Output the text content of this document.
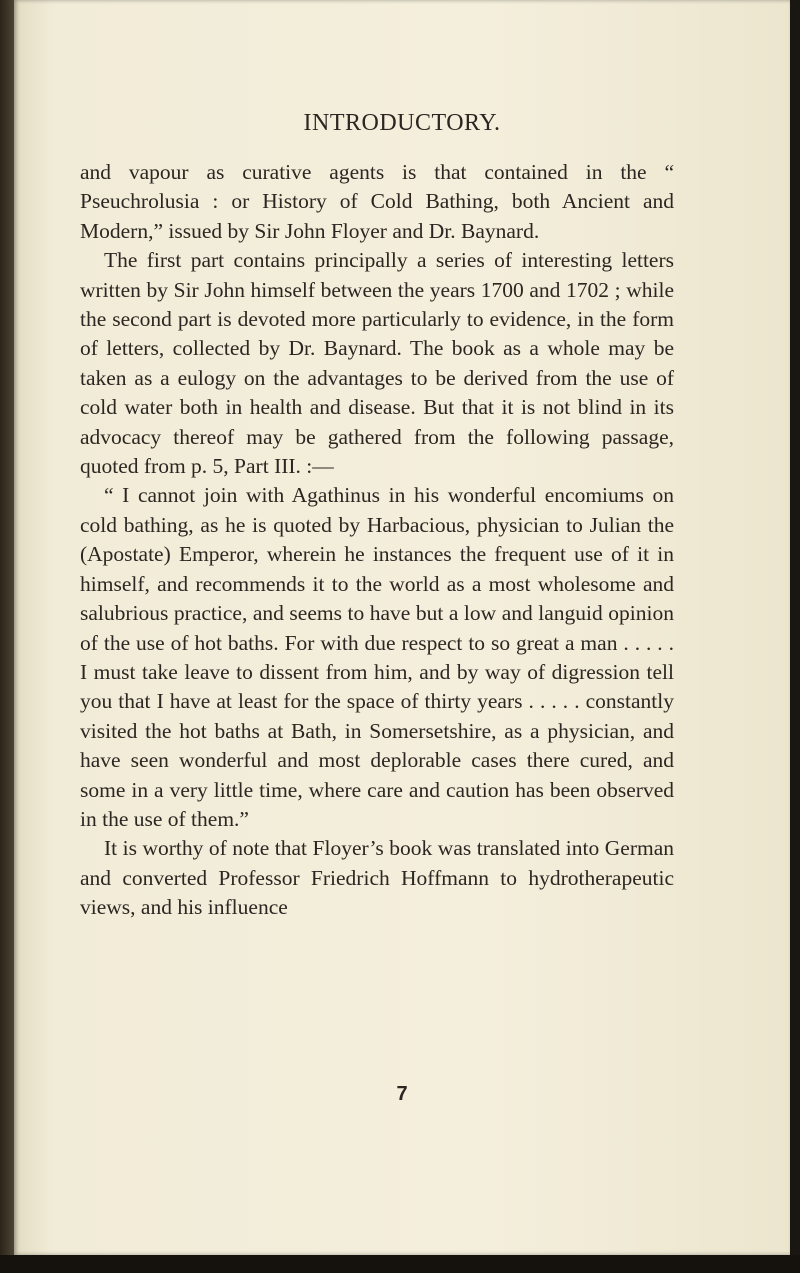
INTRODUCTORY.

and vapour as curative agents is that contained in the “ Pseuchrolusia : or History of Cold Bathing, both Ancient and Modern,” issued by Sir John Floyer and Dr. Baynard.

The first part contains principally a series of interesting letters written by Sir John himself between the years 1700 and 1702 ; while the second part is devoted more particularly to evidence, in the form of letters, collected by Dr. Baynard. The book as a whole may be taken as a eulogy on the advantages to be derived from the use of cold water both in health and disease. But that it is not blind in its advocacy thereof may be gathered from the following passage, quoted from p. 5, Part III. :—

“ I cannot join with Agathinus in his wonderful encomiums on cold bathing, as he is quoted by Harbacious, physician to Julian the (Apostate) Emperor, wherein he instances the frequent use of it in himself, and recommends it to the world as a most wholesome and salubrious practice, and seems to have but a low and languid opinion of the use of hot baths. For with due respect to so great a man . . . . . I must take leave to dissent from him, and by way of digression tell you that I have at least for the space of thirty years . . . . . constantly visited the hot baths at Bath, in Somersetshire, as a physician, and have seen wonderful and most deplorable cases there cured, and some in a very little time, where care and caution has been observed in the use of them.”

It is worthy of note that Floyer’s book was translated into German and converted Professor Friedrich Hoffmann to hydrotherapeutic views, and his influence

7
